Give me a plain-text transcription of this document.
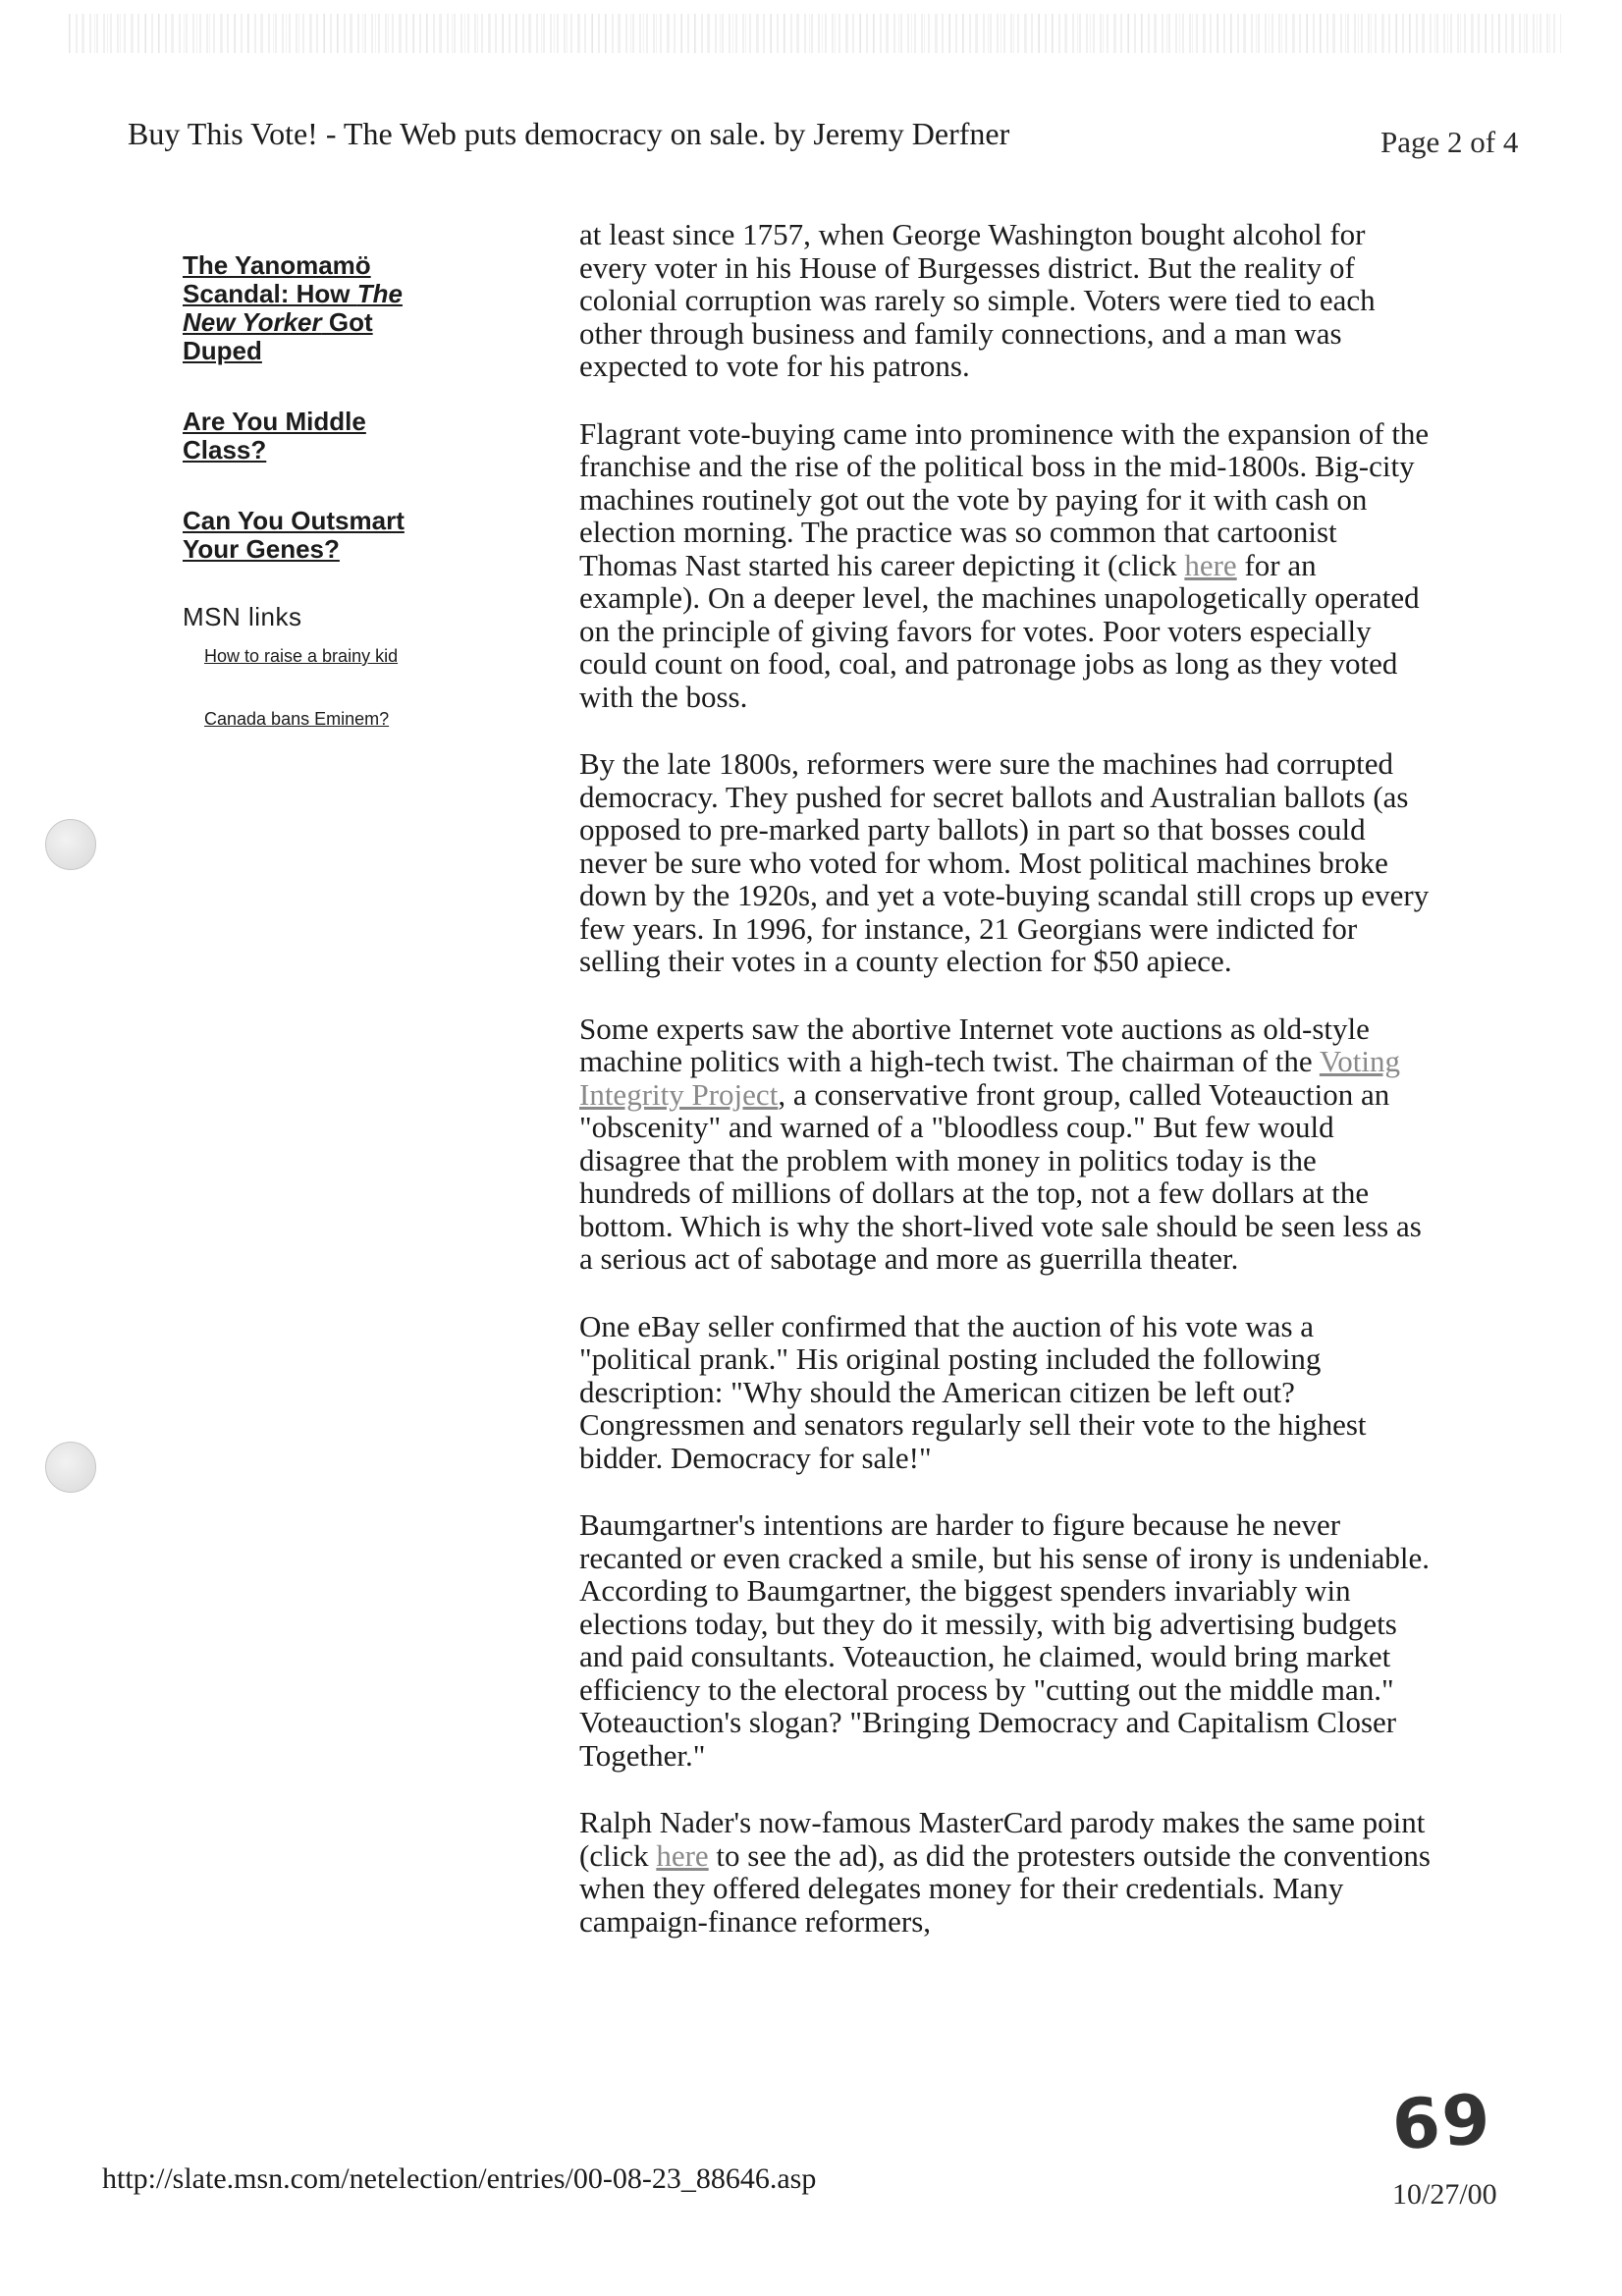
Buy This Vote! - The Web puts democracy on sale. by Jeremy Derfner	Page 2 of 4
The Yanomamö Scandal: How The New Yorker Got Duped
Are You Middle Class?
Can You Outsmart Your Genes?
MSN links
How to raise a brainy kid
Canada bans Eminem?

at least since 1757, when George Washington bought alcohol for every voter in his House of Burgesses district. But the reality of colonial corruption was rarely so simple. Voters were tied to each other through business and family connections, and a man was expected to vote for his patrons.

Flagrant vote-buying came into prominence with the expansion of the franchise and the rise of the political boss in the mid-1800s. Big-city machines routinely got out the vote by paying for it with cash on election morning. The practice was so common that cartoonist Thomas Nast started his career depicting it (click here for an example). On a deeper level, the machines unapologetically operated on the principle of giving favors for votes. Poor voters especially could count on food, coal, and patronage jobs as long as they voted with the boss.

By the late 1800s, reformers were sure the machines had corrupted democracy. They pushed for secret ballots and Australian ballots (as opposed to pre-marked party ballots) in part so that bosses could never be sure who voted for whom. Most political machines broke down by the 1920s, and yet a vote-buying scandal still crops up every few years. In 1996, for instance, 21 Georgians were indicted for selling their votes in a county election for $50 apiece.

Some experts saw the abortive Internet vote auctions as old-style machine politics with a high-tech twist. The chairman of the Voting Integrity Project, a conservative front group, called Voteauction an "obscenity" and warned of a "bloodless coup." But few would disagree that the problem with money in politics today is the hundreds of millions of dollars at the top, not a few dollars at the bottom. Which is why the short-lived vote sale should be seen less as a serious act of sabotage and more as guerrilla theater.

One eBay seller confirmed that the auction of his vote was a "political prank." His original posting included the following description: "Why should the American citizen be left out? Congressmen and senators regularly sell their vote to the highest bidder. Democracy for sale!"

Baumgartner's intentions are harder to figure because he never recanted or even cracked a smile, but his sense of irony is undeniable. According to Baumgartner, the biggest spenders invariably win elections today, but they do it messily, with big advertising budgets and paid consultants. Voteauction, he claimed, would bring market efficiency to the electoral process by "cutting out the middle man." Voteauction's slogan? "Bringing Democracy and Capitalism Closer Together."

Ralph Nader's now-famous MasterCard parody makes the same point (click here to see the ad), as did the protesters outside the conventions when they offered delegates money for their credentials. Many campaign-finance reformers,

69
http://slate.msn.com/netelection/entries/00-08-23_88646.asp	10/27/00
